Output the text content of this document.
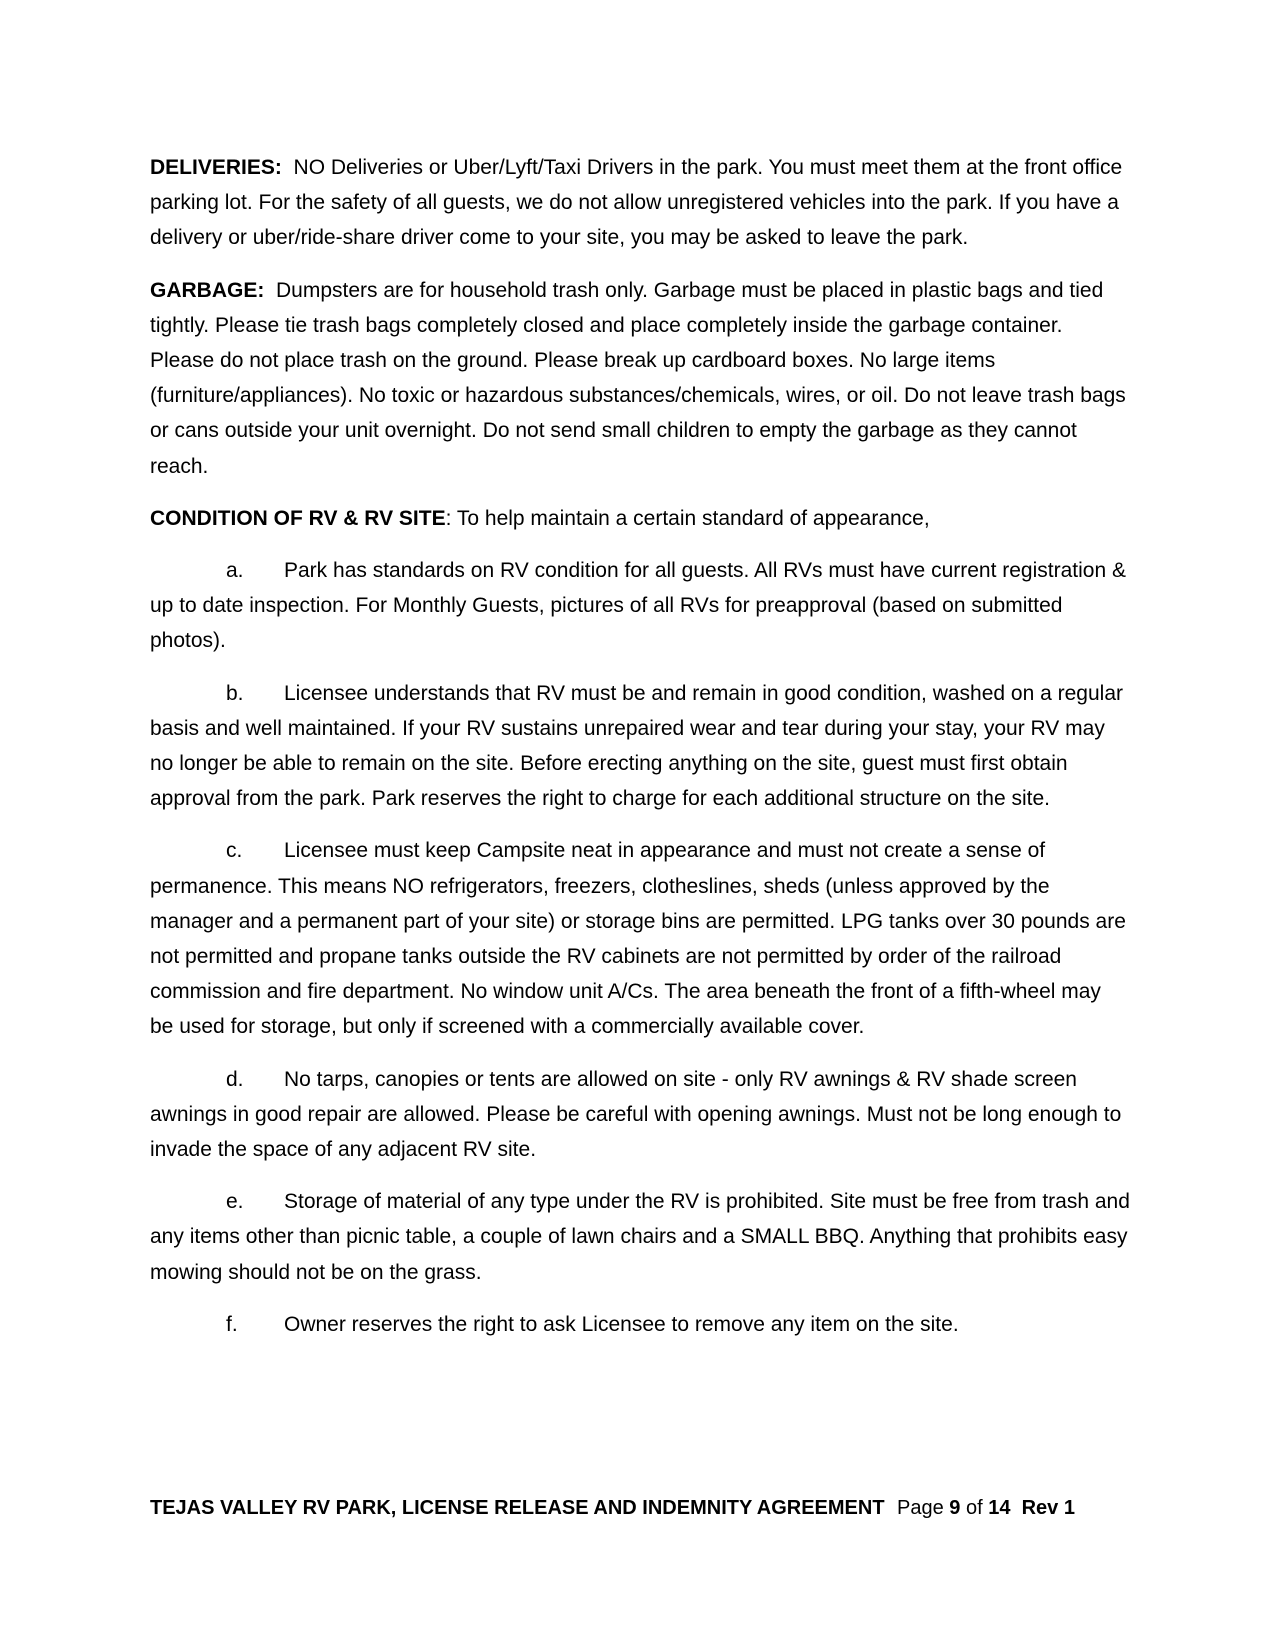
DELIVERIES: NO Deliveries or Uber/Lyft/Taxi Drivers in the park. You must meet them at the front office parking lot. For the safety of all guests, we do not allow unregistered vehicles into the park. If you have a delivery or uber/ride-share driver come to your site, you may be asked to leave the park.

GARBAGE: Dumpsters are for household trash only. Garbage must be placed in plastic bags and tied tightly. Please tie trash bags completely closed and place completely inside the garbage container. Please do not place trash on the ground. Please break up cardboard boxes. No large items (furniture/appliances). No toxic or hazardous substances/chemicals, wires, or oil. Do not leave trash bags or cans outside your unit overnight. Do not send small children to empty the garbage as they cannot reach.

CONDITION OF RV & RV SITE: To help maintain a certain standard of appearance,

a. Park has standards on RV condition for all guests. All RVs must have current registration & up to date inspection. For Monthly Guests, pictures of all RVs for preapproval (based on submitted photos).

b. Licensee understands that RV must be and remain in good condition, washed on a regular basis and well maintained. If your RV sustains unrepaired wear and tear during your stay, your RV may no longer be able to remain on the site. Before erecting anything on the site, guest must first obtain approval from the park. Park reserves the right to charge for each additional structure on the site.

c. Licensee must keep Campsite neat in appearance and must not create a sense of permanence. This means NO refrigerators, freezers, clotheslines, sheds (unless approved by the manager and a permanent part of your site) or storage bins are permitted. LPG tanks over 30 pounds are not permitted and propane tanks outside the RV cabinets are not permitted by order of the railroad commission and fire department. No window unit A/Cs. The area beneath the front of a fifth-wheel may be used for storage, but only if screened with a commercially available cover.

d. No tarps, canopies or tents are allowed on site - only RV awnings & RV shade screen awnings in good repair are allowed. Please be careful with opening awnings. Must not be long enough to invade the space of any adjacent RV site.

e. Storage of material of any type under the RV is prohibited. Site must be free from trash and any items other than picnic table, a couple of lawn chairs and a SMALL BBQ. Anything that prohibits easy mowing should not be on the grass.

f. Owner reserves the right to ask Licensee to remove any item on the site.

TEJAS VALLEY RV PARK, LICENSE RELEASE AND INDEMNITY AGREEMENT Page 9 of 14 Rev 1
